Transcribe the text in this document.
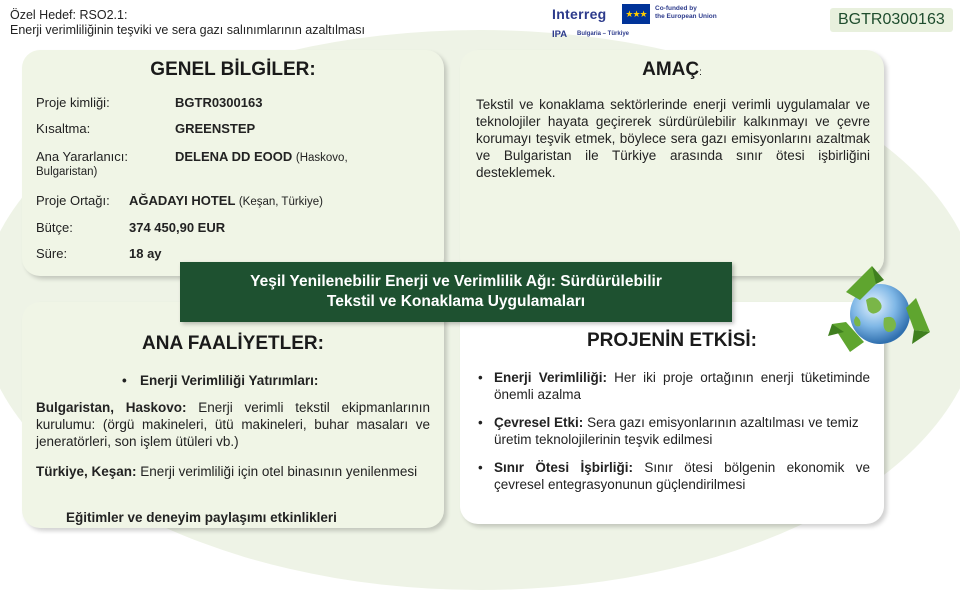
Özel Hedef: RSO2.1:
Enerji verimliliğinin teşviki ve sera gazı salınımlarının azaltılması
Interreg	★★★	Co-funded by
the European Union
IPA Bulgaria – Türkiye
BGTR0300163
GENEL BİLGİLER:
Proje kimliği:	BGTR0300163
Kısaltma:	GREENSTEP
Ana Yararlanıcı:	DELENA DD EOOD (Haskovo,
Bulgaristan)
Proje Ortağı: AĞADAYI HOTEL (Keşan, Türkiye)
Bütçe:	374 450,90 EUR
Süre:	18 ay
AMAÇ:
Tekstil ve konaklama sektörlerinde enerji verimli uygulamalar ve teknolojiler hayata geçirerek sürdürülebilir kalkınmayı ve çevre korumayı teşvik etmek, böylece sera gazı emisyonlarını azaltmak ve Bulgaristan ile Türkiye arasında sınır ötesi işbirliğini desteklemek.
ANA FAALİYETLER:
• Enerji Verimliliği Yatırımları:
Bulgaristan, Haskovo: Enerji verimli tekstil ekipmanlarının kurulumu: (örgü makineleri, ütü makineleri, buhar masaları ve jeneratörleri, son işlem ütüleri vb.)
Türkiye, Keşan: Enerji verimliliği için otel binasının yenilenmesi
Eğitimler ve deneyim paylaşımı etkinlikleri
PROJENİN ETKİSİ:
• Enerji Verimliliği: Her iki proje ortağının enerji tüketiminde önemli azalma
• Çevresel Etki: Sera gazı emisyonlarının azaltılması ve temiz üretim teknolojilerinin teşvik edilmesi
• Sınır Ötesi İşbirliği: Sınır ötesi bölgenin ekonomik ve çevresel entegrasyonunun güçlendirilmesi
Yeşil Yenilenebilir Enerji ve Verimlilik Ağı: Sürdürülebilir
Tekstil ve Konaklama Uygulamaları
